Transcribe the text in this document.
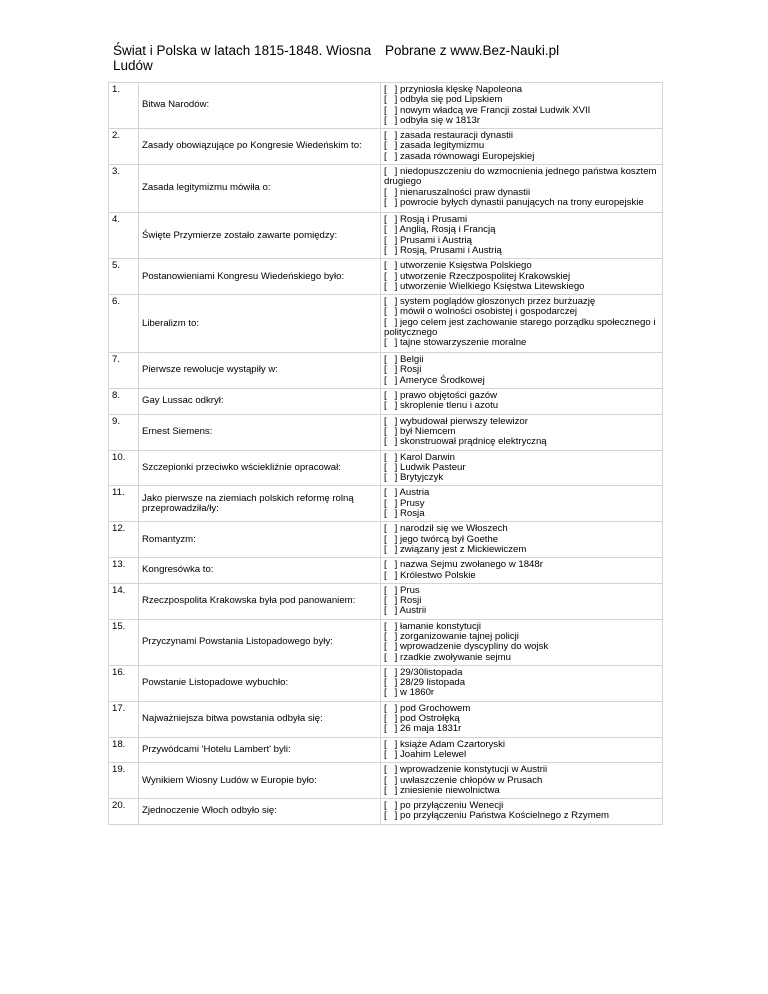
Świat i Polska w latach 1815-1848. Wiosna Ludów
Pobrane z www.Bez-Nauki.pl
1.	Bitwa Narodów:	[   ] przyniosła klęskę Napoleona
[   ] odbyła się pod Lipskiem
[   ] nowym władcą we Francji został Ludwik XVII
[   ] odbyła się w 1813r

2.	Zasady obowiązujące po Kongresie Wiedeńskim to:	[   ] zasada restauracji dynastii
[   ] zasada legitymizmu
[   ] zasada równowagi Europejskiej

3.	Zasada legitymizmu mówiła o:	[   ] niedopuszczeniu do wzmocnienia jednego państwa kosztem drugiego
[   ] nienaruszalności praw dynastii
[   ] powrocie byłych dynastii panujących na trony europejskie

4.	Święte Przymierze zostało zawarte pomiędzy:	[   ] Rosją i Prusami
[   ] Anglią, Rosją i Francją
[   ] Prusami i Austrią
[   ] Rosją, Prusami i Austrią

5.	Postanowieniami Kongresu Wiedeńskiego było:	[   ] utworzenie Księstwa Polskiego
[   ] utworzenie Rzeczpospolitej Krakowskiej
[   ] utworzenie Wielkiego Księstwa Litewskiego

6.	Liberalizm to:	[   ] system poglądów głoszonych przez burżuazję
[   ] mówił o wolności osobistej i gospodarczej
[   ] jego celem jest zachowanie starego porządku społecznego i politycznego
[   ] tajne stowarzyszenie moralne

7.	Pierwsze rewolucje wystąpiły w:	[   ] Belgii
[   ] Rosji
[   ] Ameryce Środkowej

8.	Gay Lussac odkrył:	[   ] prawo objętości gazów
[   ] skroplenie tlenu i azotu

9.	Ernest Siemens:	[   ] wybudował pierwszy telewizor
[   ] był Niemcem
[   ] skonstruował prądnicę elektryczną

10.	Szczepionki przeciwko wściekliźnie opracował:	[   ] Karol Darwin
[   ] Ludwik Pasteur
[   ] Brytyjczyk

11.	Jako pierwsze na ziemiach polskich reformę rolną przeprowadziła/ły:	[   ] Austria
[   ] Prusy
[   ] Rosja

12.	Romantyzm:	[   ] narodził się we Włoszech
[   ] jego twórcą był Goethe
[   ] związany jest z Mickiewiczem

13.	Kongresówka to:	[   ] nazwa Sejmu zwołanego w 1848r
[   ] Królestwo Polskie

14.	Rzeczpospolita Krakowska była pod panowaniem:	[   ] Prus
[   ] Rosji
[   ] Austrii

15.	Przyczynami Powstania Listopadowego były:	[   ] łamanie konstytucji
[   ] zorganizowanie tajnej policji
[   ] wprowadzenie dyscypliny do wojsk
[   ] rzadkie zwoływanie sejmu

16.	Powstanie Listopadowe wybuchło:	[   ] 29/30listopada
[   ] 28/29 listopada
[   ] w 1860r

17.	Najważniejsza bitwa powstania odbyła się:	[   ] pod Grochowem
[   ] pod Ostrołęką
[   ] 26 maja 1831r

18.	Przywódcami 'Hotelu Lambert' byli:	[   ] książe Adam Czartoryski
[   ] Joahim Lelewel

19.	Wynikiem Wiosny Ludów w Europie było:	[   ] wprowadzenie konstytucji w Austrii
[   ] uwłaszczenie chłopów w Prusach
[   ] zniesienie niewolnictwa

20.	Zjednoczenie Włoch odbyło się:	[   ] po przyłączeniu Wenecji
[   ] po przyłączeniu Państwa Kościelnego z Rzymem
